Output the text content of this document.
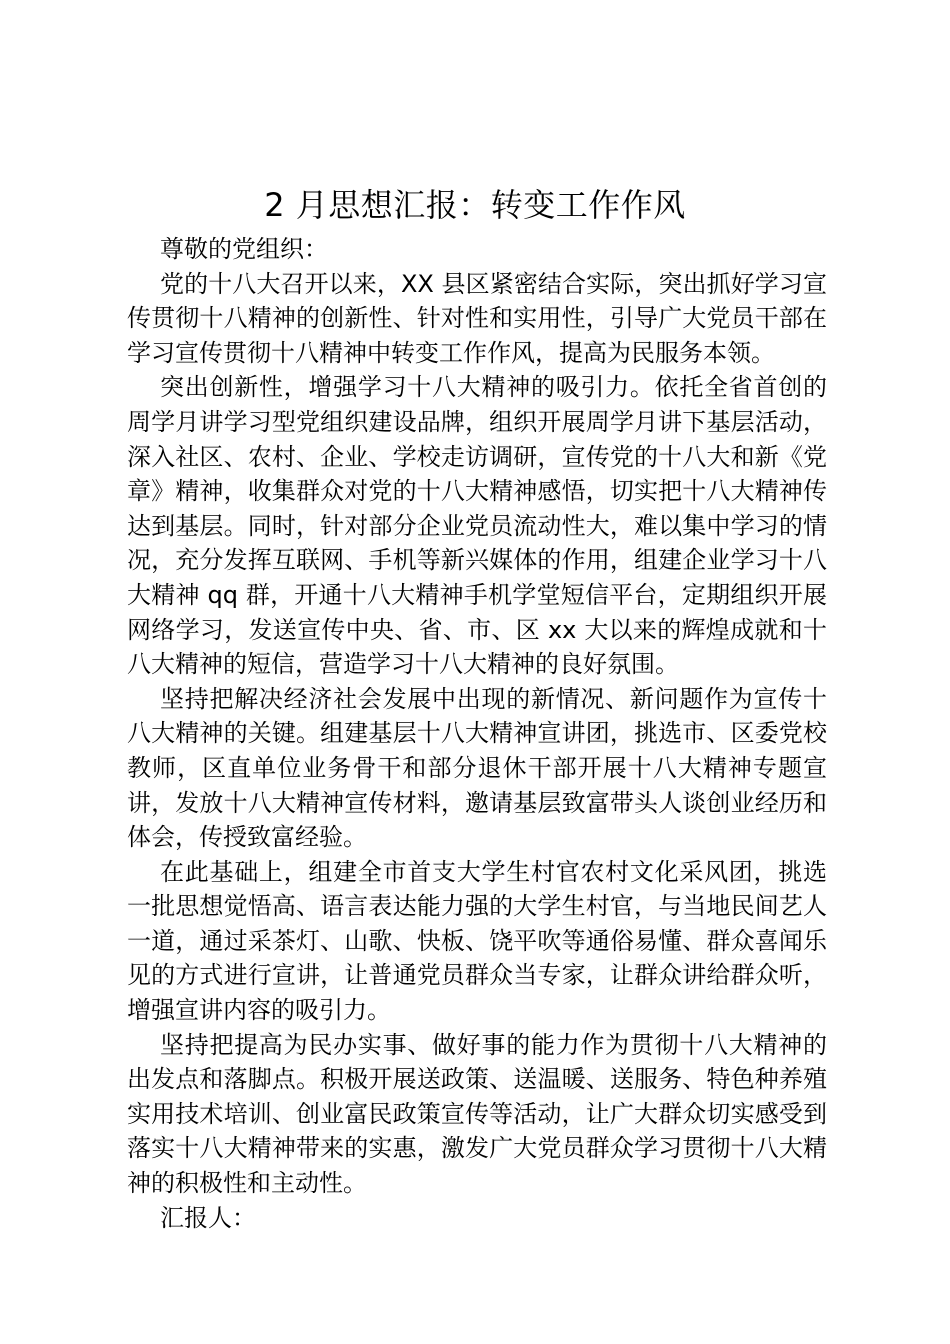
2 月思想汇报：转变工作作风

尊敬的党组织：

党的十八大召开以来，XX 县区紧密结合实际，突出抓好学习宣传贯彻十八精神的创新性、针对性和实用性，引导广大党员干部在学习宣传贯彻十八精神中转变工作作风，提高为民服务本领。

突出创新性，增强学习十八大精神的吸引力。依托全省首创的周学月讲学习型党组织建设品牌，组织开展周学月讲下基层活动，深入社区、农村、企业、学校走访调研，宣传党的十八大和新《党章》精神，收集群众对党的十八大精神感悟，切实把十八大精神传达到基层。同时，针对部分企业党员流动性大，难以集中学习的情况，充分发挥互联网、手机等新兴媒体的作用，组建企业学习十八大精神 qq 群，开通十八大精神手机学堂短信平台，定期组织开展网络学习，发送宣传中央、省、市、区 xx 大以来的辉煌成就和十八大精神的短信，营造学习十八大精神的良好氛围。

坚持把解决经济社会发展中出现的新情况、新问题作为宣传十八大精神的关键。组建基层十八大精神宣讲团，挑选市、区委党校教师，区直单位业务骨干和部分退休干部开展十八大精神专题宣讲，发放十八大精神宣传材料，邀请基层致富带头人谈创业经历和体会，传授致富经验。

在此基础上，组建全市首支大学生村官农村文化采风团，挑选一批思想觉悟高、语言表达能力强的大学生村官，与当地民间艺人一道，通过采茶灯、山歌、快板、饶平吹等通俗易懂、群众喜闻乐见的方式进行宣讲，让普通党员群众当专家，让群众讲给群众听，增强宣讲内容的吸引力。

坚持把提高为民办实事、做好事的能力作为贯彻十八大精神的出发点和落脚点。积极开展送政策、送温暖、送服务、特色种养殖实用技术培训、创业富民政策宣传等活动，让广大群众切实感受到落实十八大精神带来的实惠，激发广大党员群众学习贯彻十八大精神的积极性和主动性。

汇报人：
